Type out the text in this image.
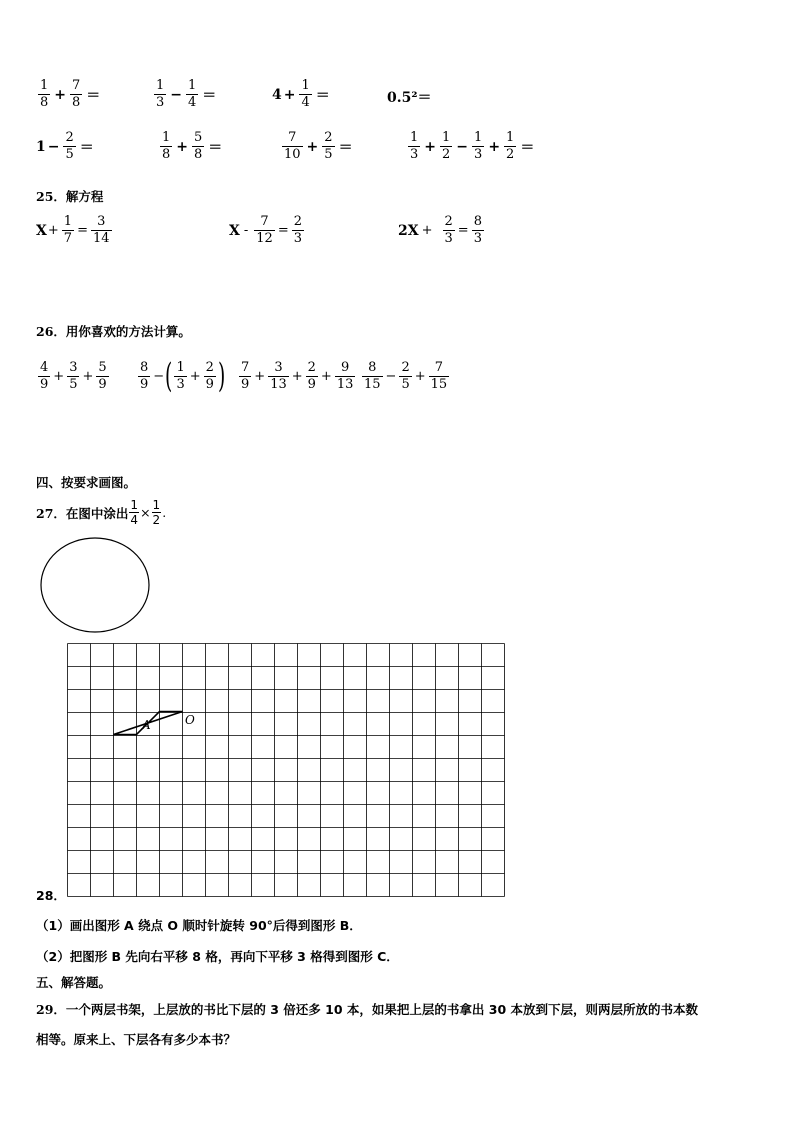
$\frac{1}{8} + \frac{7}{8}$ ＝	$\frac{1}{3} - \frac{1}{4}$ ＝	$4 + \frac{1}{4}$ ＝	0.5²＝
$1 - \frac{2}{5}$ ＝	$\frac{1}{8} + \frac{5}{8}$ ＝	$\frac{7}{10} + \frac{2}{5}$ ＝	$\frac{1}{3} + \frac{1}{2} - \frac{1}{3} + \frac{1}{2}$ ＝
25．解方程
$X + \frac{1}{7} = \frac{3}{14}$	$X - \frac{7}{12} = \frac{2}{3}$	$2X + \frac{2}{3} = \frac{8}{3}$
26．用你喜欢的方法计算。
$\frac{4}{9} + \frac{3}{5} + \frac{5}{9} \frac{8}{9}$ − ( $\frac{1}{3} + \frac{2}{9}$ ) $\frac{7}{9} + \frac{3}{13} + \frac{2}{9} + \frac{9}{13} \frac{8}{15} - \frac{2}{5} + \frac{7}{15}$
四、按要求画图。
27． 在图中涂出 $\frac{1}{4} \times \frac{1}{2}$ .
28．
A	O
（1）画出图形 A 绕点 O 顺时针旋转 90°后得到图形 B．
（2）把图形 B 先向右平移 8 格，再向下平移 3 格得到图形 C．
五、解答题。
29．一个两层书架，上层放的书比下层的 3 倍还多 10 本，如果把上层的书拿出 30 本放到下层，则两层所放的书本数
相等。原来上、下层各有多少本书？
